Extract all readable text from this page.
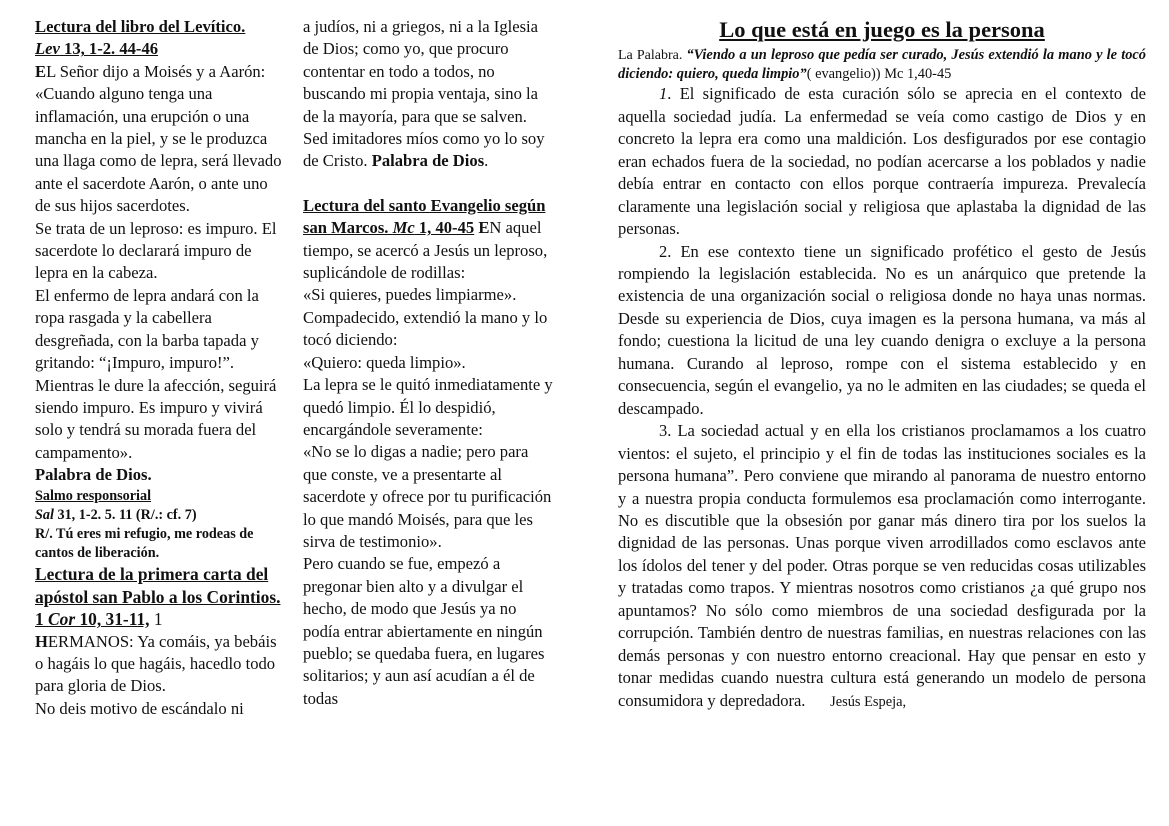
Lectura del libro del Levítico.
Lev 13, 1-2. 44-46

EL Señor dijo a Moisés y a Aarón: «Cuando alguno tenga una inflamación, una erupción o una mancha en la piel, y se le produzca una llaga como de lepra, será llevado ante el sacerdote Aarón, o ante uno de sus hijos sacerdotes.

Se trata de un leproso: es impuro. El sacerdote lo declarará impuro de lepra en la cabeza.

El enfermo de lepra andará con la ropa rasgada y la cabellera desgreñada, con la barba tapada y gritando: “¡Impuro, impuro!”. Mientras le dure la afección, seguirá siendo impuro. Es impuro y vivirá solo y tendrá su morada fuera del campamento».

Palabra de Dios.

Salmo responsorial
Sal 31, 1-2. 5. 11 (R/.: cf. 7)
R/. Tú eres mi refugio, me rodeas de cantos de liberación.
Lectura de la primera carta del apóstol san Pablo a los Corintios. 1 Cor 10, 31-11, 1

HERMANOS: Ya comáis, ya bebáis o hagáis lo que hagáis, hacedlo todo para gloria de Dios.

No deis motivo de escándalo ni

a judíos, ni a griegos, ni a la Iglesia de Dios; como yo, que procuro contentar en todo a todos, no buscando mi propia ventaja, sino la de la mayoría, para que se salven.

Sed imitadores míos como yo lo soy de Cristo. Palabra de Dios.

Lectura del santo Evangelio según san Marcos. Mc 1, 40-45 EN aquel tiempo, se acercó a Jesús un leproso, suplicándole de rodillas:

«Si quieres, puedes limpiarme». Compadecido, extendió la mano y lo tocó diciendo:

«Quiero: queda limpio».

La lepra se le quitó inmediatamente y quedó limpio. Él lo despidió, encargándole severamente:

«No se lo digas a nadie; pero para que conste, ve a presentarte al sacerdote y ofrece por tu purificación lo que mandó Moisés, para que les sirva de testimonio».

Pero cuando se fue, empezó a pregonar bien alto y a divulgar el hecho, de modo que Jesús ya no podía entrar abiertamente en ningún pueblo; se quedaba fuera, en lugares solitarios; y aun así acudían a él de todas

Lo que está en juego es la persona
La Palabra. “Viendo a un leproso que pedía ser curado, Jesús extendió la mano y le tocó diciendo: quiero, queda limpio”( evangelio)) Mc 1,40-45

1. El significado de esta curación sólo se aprecia en el contexto de aquella sociedad judía. La enfermedad se veía como castigo de Dios y en concreto la lepra era como una maldición. Los desfigurados por ese contagio eran echados fuera de la sociedad, no podían acercarse a los poblados y nadie debía entrar en contacto con ellos porque contraería impureza. Prevalecía claramente una legislación social y religiosa que aplastaba la dignidad de las personas.

2. En ese contexto tiene un significado profético el gesto de Jesús rompiendo la legislación establecida. No es un anárquico que pretende la existencia de una organización social o religiosa donde no haya unas normas. Desde su experiencia de Dios, cuya imagen es la persona humana, va más al fondo; cuestiona la licitud de una ley cuando denigra o excluye a la persona humana. Curando al leproso, rompe con el sistema establecido y en consecuencia, según el evangelio, ya no le admiten en las ciudades; se queda el descampado.

3. La sociedad actual y en ella los cristianos proclamamos a los cuatro vientos: el sujeto, el principio y el fin de todas las instituciones sociales es la persona humana”. Pero conviene que mirando al panorama de nuestro entorno y a nuestra propia conducta formulemos esa proclamación como interrogante. No es discutible que la obsesión por ganar más dinero tira por los suelos la dignidad de las personas. Unas porque viven arrodillados como esclavos ante los ídolos del tener y del poder. Otras porque se ven reducidas cosas utilizables y tratadas como trapos. Y mientras nosotros como cristianos ¿a qué grupo nos apuntamos? No sólo como miembros de una sociedad desfigurada por la corrupción. También dentro de nuestras familias, en nuestras relaciones con las demás personas y con nuestro entorno creacional. Hay que pensar en esto y tonar medidas cuando nuestra cultura está generando un modelo de persona consumidora y depredadora. Jesús Espeja,
